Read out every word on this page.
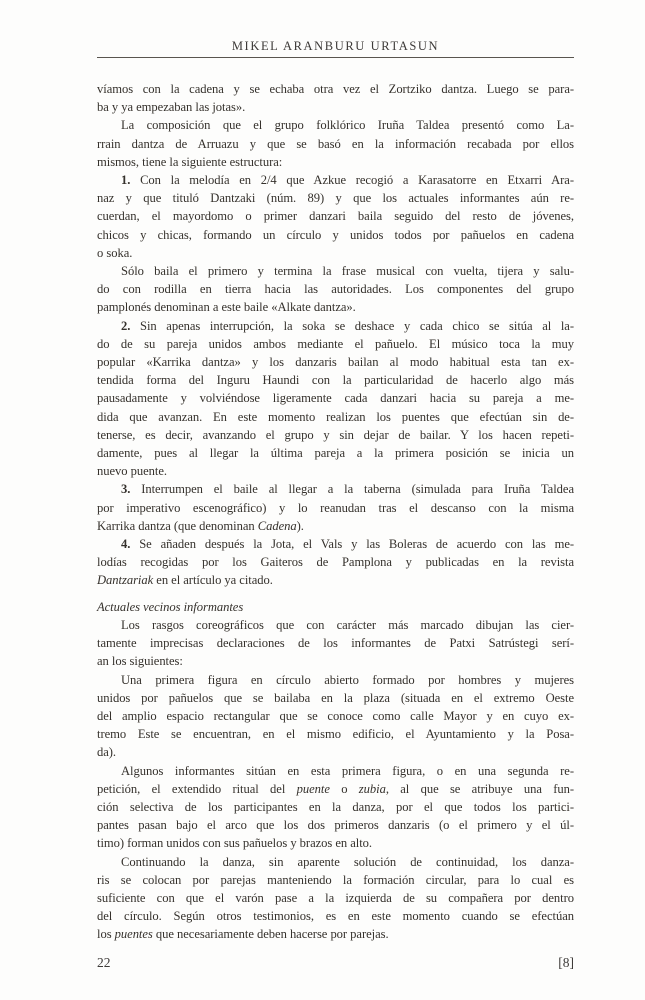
MIKEL ARANBURU URTASUN
víamos con la cadena y se echaba otra vez el Zortziko dantza. Luego se para-
ba y ya empezaban las jotas».
La composición que el grupo folklórico Iruña Taldea presentó como La-
rrain dantza de Arruazu y que se basó en la información recabada por ellos
mismos, tiene la siguiente estructura:
1. Con la melodía en 2/4 que Azkue recogió a Karasatorre en Etxarri Ara-
naz y que tituló Dantzaki (núm. 89) y que los actuales informantes aún re-
cuerdan, el mayordomo o primer danzari baila seguido del resto de jóvenes,
chicos y chicas, formando un círculo y unidos todos por pañuelos en cadena
o soka.
Sólo baila el primero y termina la frase musical con vuelta, tijera y salu-
do con rodilla en tierra hacia las autoridades. Los componentes del grupo
pamplonés denominan a este baile «Alkate dantza».
2. Sin apenas interrupción, la soka se deshace y cada chico se sitúa al la-
do de su pareja unidos ambos mediante el pañuelo. El músico toca la muy
popular «Karrika dantza» y los danzaris bailan al modo habitual esta tan ex-
tendida forma del Inguru Haundi con la particularidad de hacerlo algo más
pausadamente y volviéndose ligeramente cada danzari hacia su pareja a me-
dida que avanzan. En este momento realizan los puentes que efectúan sin de-
tenerse, es decir, avanzando el grupo y sin dejar de bailar. Y los hacen repeti-
damente, pues al llegar la última pareja a la primera posición se inicia un
nuevo puente.
3. Interrumpen el baile al llegar a la taberna (simulada para Iruña Taldea
por imperativo escenográfico) y lo reanudan tras el descanso con la misma
Karrika dantza (que denominan Cadena).
4. Se añaden después la Jota, el Vals y las Boleras de acuerdo con las me-
lodías recogidas por los Gaiteros de Pamplona y publicadas en la revista
Dantzariak en el artículo ya citado.
Actuales vecinos informantes
Los rasgos coreográficos que con carácter más marcado dibujan las cier-
tamente imprecisas declaraciones de los informantes de Patxi Satrústegi serí-
an los siguientes:
Una primera figura en círculo abierto formado por hombres y mujeres
unidos por pañuelos que se bailaba en la plaza (situada en el extremo Oeste
del amplio espacio rectangular que se conoce como calle Mayor y en cuyo ex-
tremo Este se encuentran, en el mismo edificio, el Ayuntamiento y la Posa-
da).
Algunos informantes sitúan en esta primera figura, o en una segunda re-
petición, el extendido ritual del puente o zubia, al que se atribuye una fun-
ción selectiva de los participantes en la danza, por el que todos los partici-
pantes pasan bajo el arco que los dos primeros danzaris (o el primero y el úl-
timo) forman unidos con sus pañuelos y brazos en alto.
Continuando la danza, sin aparente solución de continuidad, los danza-
ris se colocan por parejas manteniendo la formación circular, para lo cual es
suficiente con que el varón pase a la izquierda de su compañera por dentro
del círculo. Según otros testimonios, es en este momento cuando se efectúan
los puentes que necesariamente deben hacerse por parejas.
22	[8]
